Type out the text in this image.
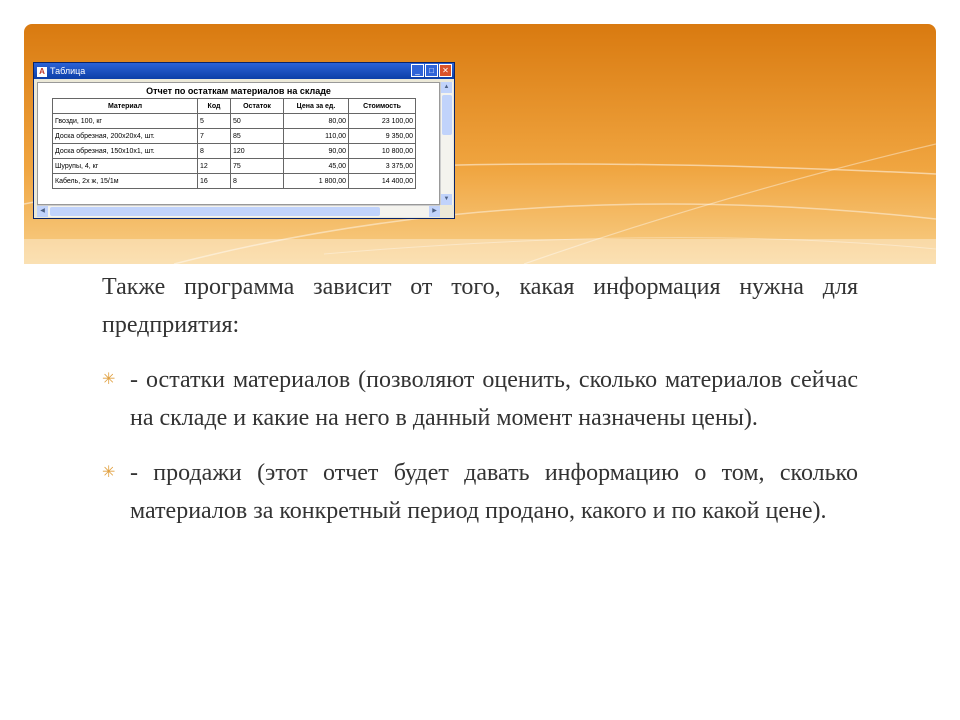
A Таблица	_	□	✕
Отчет по остаткам материалов на складе
Материал	Код	Остаток	Цена за ед.	Стоимость
Гвозди, 100, кг	5	50	80,00	23 100,00
Доска обрезная, 200х20х4, шт.	7	85	110,00	9 350,00
Доска обрезная, 150х10х1, шт.	8	120	90,00	10 800,00
Шурупы, 4, кг	12	75	45,00	3 375,00
Кабель, 2х ж, 15/1м	16	8	1 800,00	14 400,00
▲
▼
◀	▶

Также программа зависит от того, какая информация нужна для предприятия:

✳ - остатки материалов (позволяют оценить, сколько материалов сейчас на складе и какие на него в данный момент назначены цены).
✳ - продажи (этот отчет будет давать информацию о том, сколько материалов за конкретный период продано, какого и по какой цене).
